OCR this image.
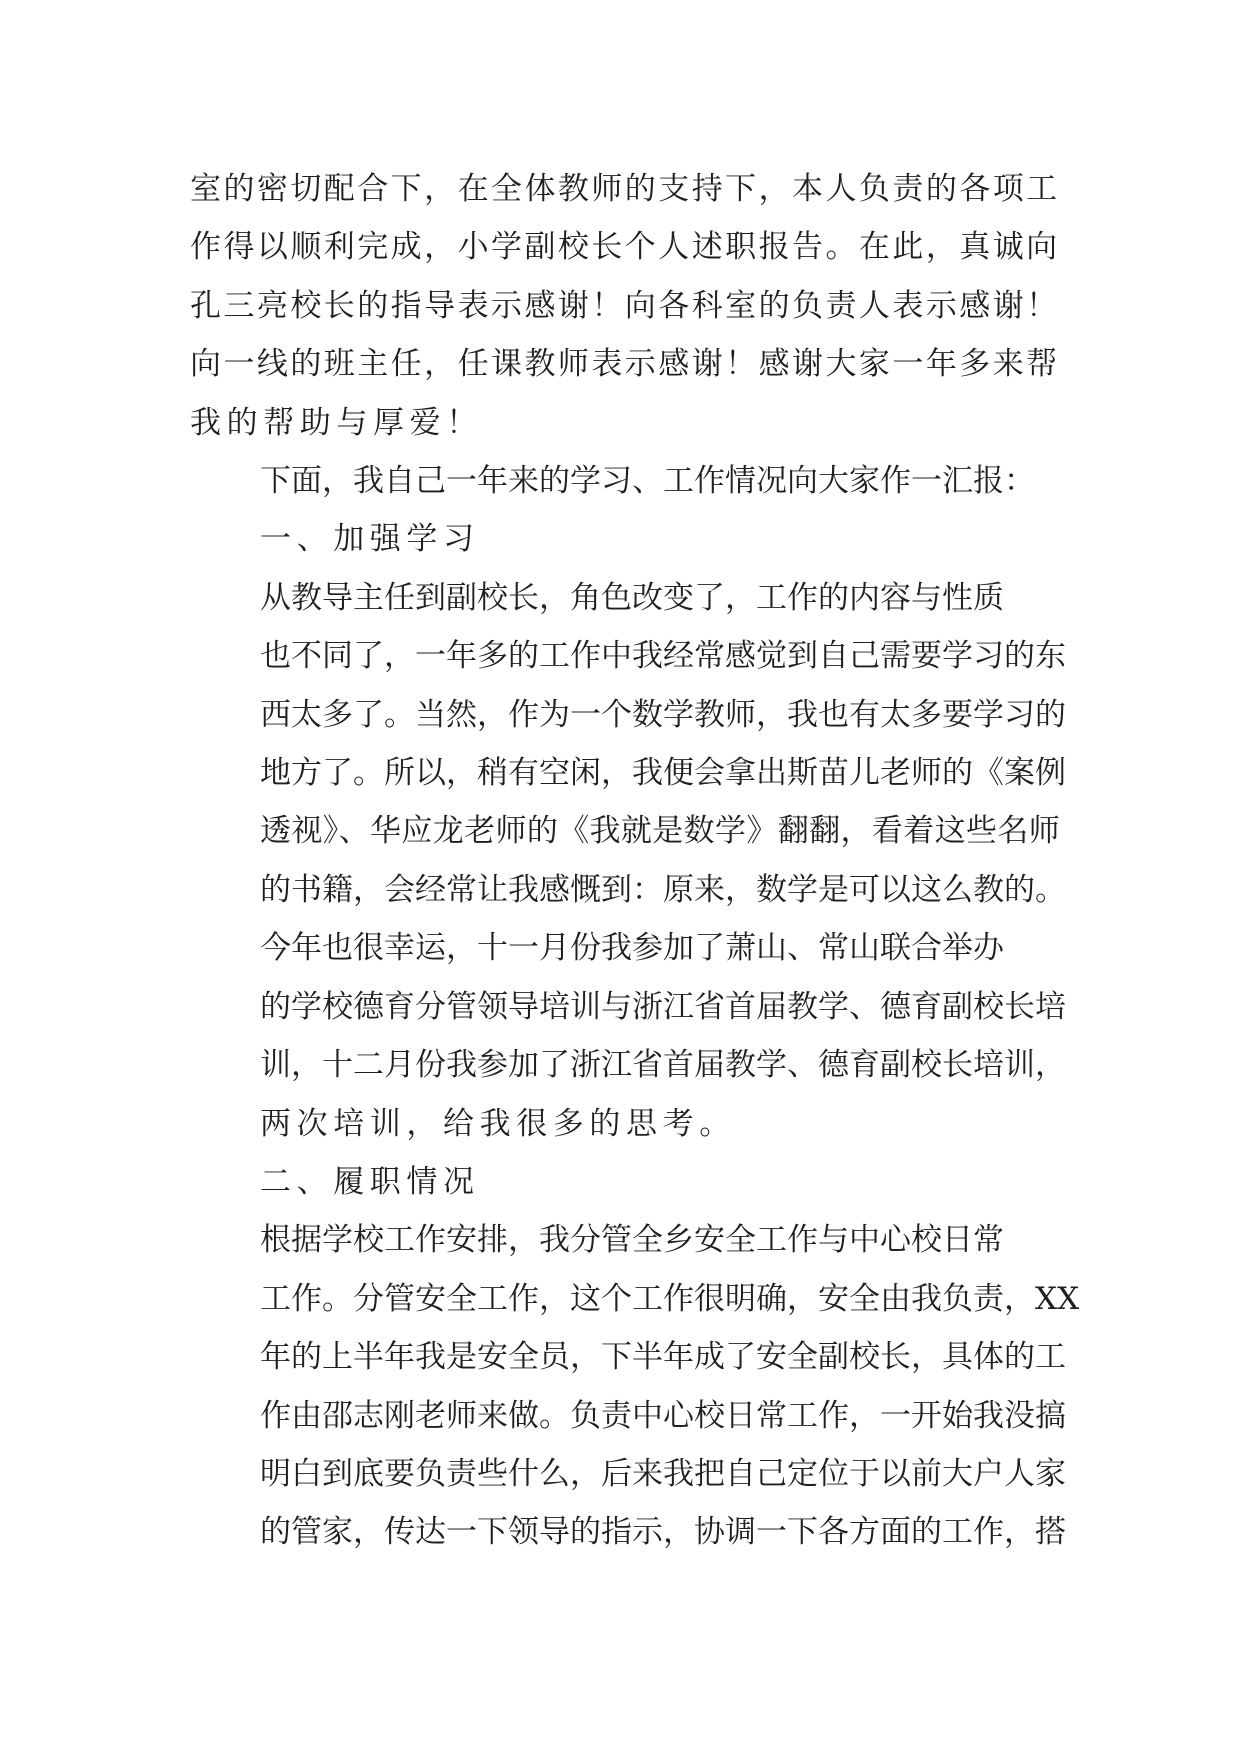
室的密切配合下，在全体教师的支持下，本人负责的各项工
作得以顺利完成，小学副校长个人述职报告。在此，真诚向
孔三亮校长的指导表示感谢！向各科室的负责人表示感谢！
向一线的班主任，任课教师表示感谢！感谢大家一年多来帮
我的帮助与厚爱！

下面，我自己一年来的学习、工作情况向大家作一汇报：

一、加强学习

从教导主任到副校长，角色改变了，工作的内容与性质
也不同了，一年多的工作中我经常感觉到自己需要学习的东
西太多了。当然，作为一个数学教师，我也有太多要学习的
地方了。所以，稍有空闲，我便会拿出斯苗儿老师的《案例
透视》、华应龙老师的《我就是数学》翻翻，看着这些名师
的书籍，会经常让我感慨到：原来，数学是可以这么教的。

今年也很幸运，十一月份我参加了萧山、常山联合举办
的学校德育分管领导培训与浙江省首届教学、德育副校长培
训，十二月份我参加了浙江省首届教学、德育副校长培训，
两次培训，给我很多的思考。

二、履职情况

根据学校工作安排，我分管全乡安全工作与中心校日常
工作。分管安全工作，这个工作很明确，安全由我负责，XX
年的上半年我是安全员，下半年成了安全副校长，具体的工
作由邵志刚老师来做。负责中心校日常工作，一开始我没搞
明白到底要负责些什么，后来我把自己定位于以前大户人家
的管家，传达一下领导的指示，协调一下各方面的工作，搭
